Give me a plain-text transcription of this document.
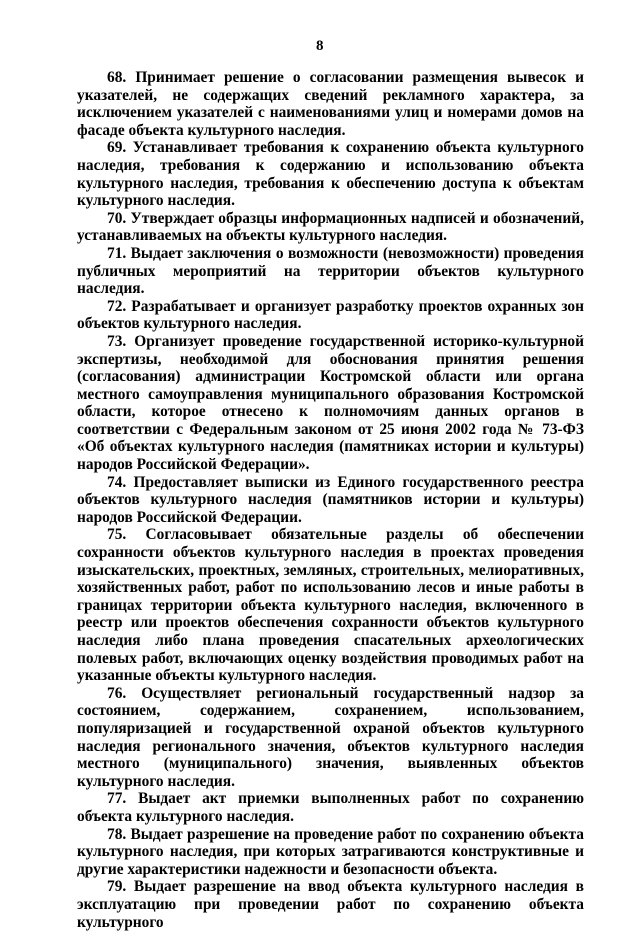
8

68. Принимает решение о согласовании размещения вывесок и указателей, не содержащих сведений рекламного характера, за исключением указателей с наименованиями улиц и номерами домов на фасаде объекта культурного наследия.

69. Устанавливает требования к сохранению объекта культурного наследия, требования к содержанию и использованию объекта культурного наследия, требования к обеспечению доступа к объектам культурного наследия.

70. Утверждает образцы информационных надписей и обозначений, устанавливаемых на объекты культурного наследия.

71. Выдает заключения о возможности (невозможности) проведения публичных мероприятий на территории объектов культурного наследия.

72. Разрабатывает и организует разработку проектов охранных зон объектов культурного наследия.

73. Организует проведение государственной историко-культурной экспертизы, необходимой для обоснования принятия решения (согласования) администрации Костромской области или органа местного самоуправления муниципального образования Костромской области, которое отнесено к полномочиям данных органов в соответствии с Федеральным законом от 25 июня 2002 года № 73-ФЗ «Об объектах культурного наследия (памятниках истории и культуры) народов Российской Федерации».

74. Предоставляет выписки из Единого государственного реестра объектов культурного наследия (памятников истории и культуры) народов Российской Федерации.

75. Согласовывает обязательные разделы об обеспечении сохранности объектов культурного наследия в проектах проведения изыскательских, проектных, земляных, строительных, мелиоративных, хозяйственных работ, работ по использованию лесов и иные работы в границах территории объекта культурного наследия, включенного в реестр или проектов обеспечения сохранности объектов культурного наследия либо плана проведения спасательных археологических полевых работ, включающих оценку воздействия проводимых работ на указанные объекты культурного наследия.

76. Осуществляет региональный государственный надзор за состоянием, содержанием, сохранением, использованием, популяризацией и государственной охраной объектов культурного наследия регионального значения, объектов культурного наследия местного (муниципального) значения, выявленных объектов культурного наследия.

77. Выдает акт приемки выполненных работ по сохранению объекта культурного наследия.

78. Выдает разрешение на проведение работ по сохранению объекта культурного наследия, при которых затрагиваются конструктивные и другие характеристики надежности и безопасности объекта.

79. Выдает разрешение на ввод объекта культурного наследия в эксплуатацию при проведении работ по сохранению объекта культурного
